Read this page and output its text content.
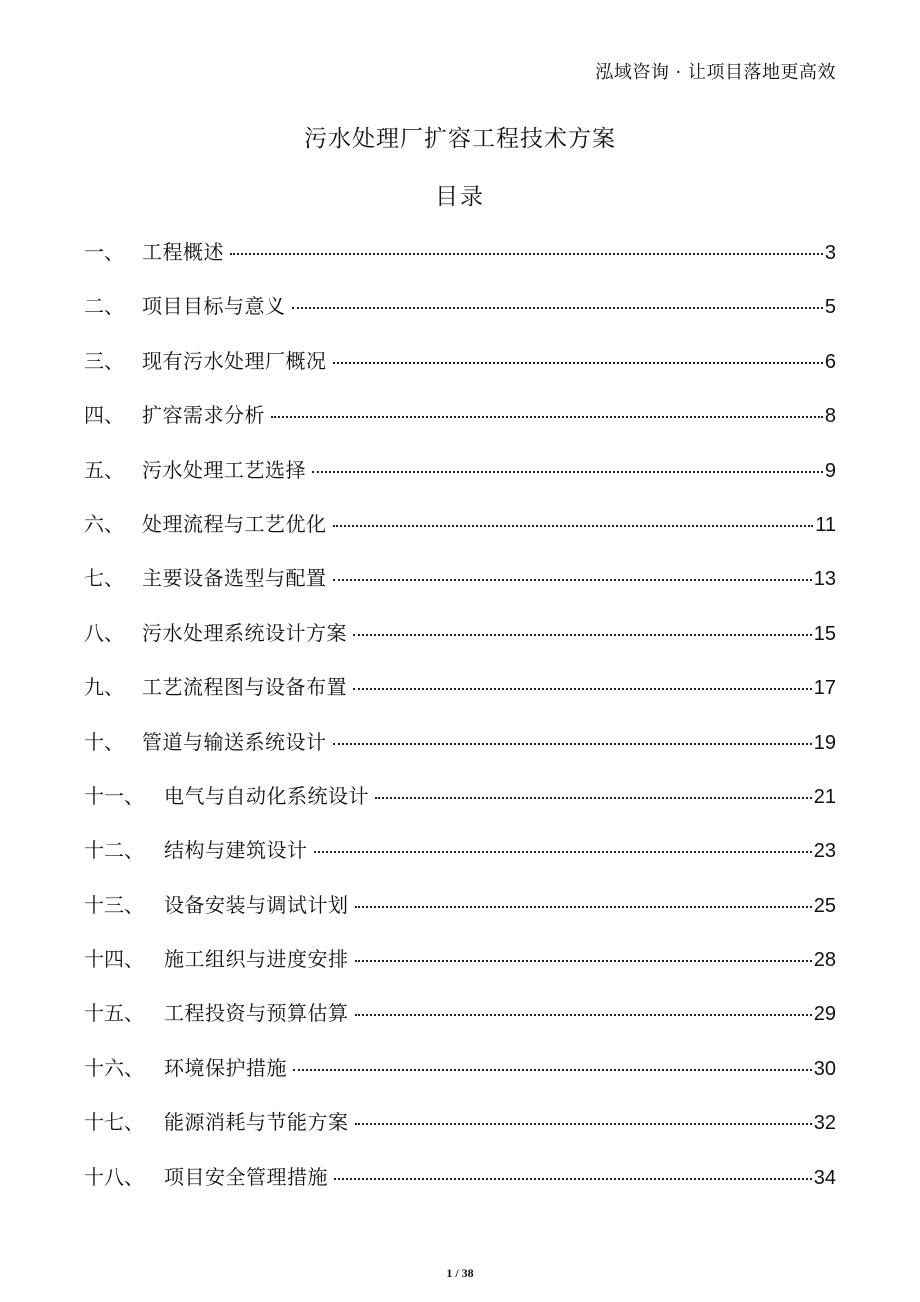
泓域咨询 · 让项目落地更高效
污水处理厂扩容工程技术方案
目录
一、 工程概述	3
二、 项目目标与意义	5
三、 现有污水处理厂概况	6
四、 扩容需求分析	8
五、 污水处理工艺选择	9
六、 处理流程与工艺优化	11
七、 主要设备选型与配置	13
八、 污水处理系统设计方案	15
九、 工艺流程图与设备布置	17
十、 管道与输送系统设计	19
十一、	电气与自动化系统设计	21
十二、	结构与建筑设计	23
十三、	设备安装与调试计划	25
十四、	施工组织与进度安排	28
十五、	工程投资与预算估算	29
十六、	环境保护措施	30
十七、	能源消耗与节能方案	32
十八、	项目安全管理措施	34
1 / 38
